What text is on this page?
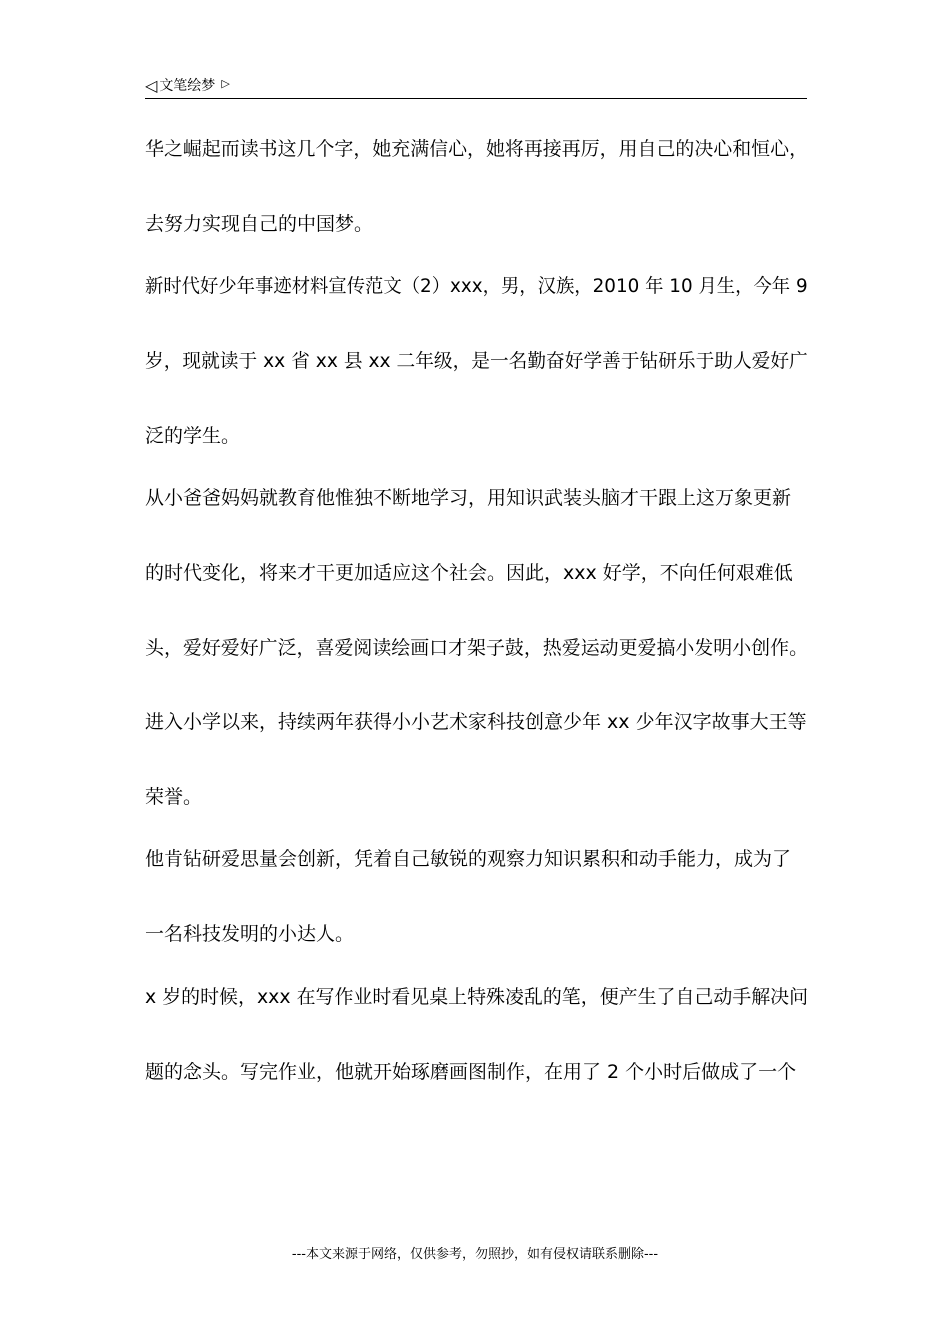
◁ 文笔绘梦 ▷
华之崛起而读书这几个字，她充满信心，她将再接再厉，用自己的决心和恒心，
去努力实现自己的中国梦。
新时代好少年事迹材料宣传范文（2）xxx，男，汉族，2010 年 10 月生，今年 9
岁，现就读于 xx 省 xx 县 xx 二年级，是一名勤奋好学善于钻研乐于助人爱好广
泛的学生。
从小爸爸妈妈就教育他惟独不断地学习，用知识武装头脑才干跟上这万象更新
的时代变化，将来才干更加适应这个社会。因此，xxx 好学，不向任何艰难低
头，爱好爱好广泛，喜爱阅读绘画口才架子鼓，热爱运动更爱搞小发明小创作。
进入小学以来，持续两年获得小小艺术家科技创意少年 xx 少年汉字故事大王等
荣誉。
他肯钻研爱思量会创新，凭着自己敏锐的观察力知识累积和动手能力，成为了
一名科技发明的小达人。
x 岁的时候，xxx 在写作业时看见桌上特殊凌乱的笔，便产生了自己动手解决问
题的念头。写完作业，他就开始琢磨画图制作，在用了 2 个小时后做成了一个
---本文来源于网络，仅供参考，勿照抄，如有侵权请联系删除---
